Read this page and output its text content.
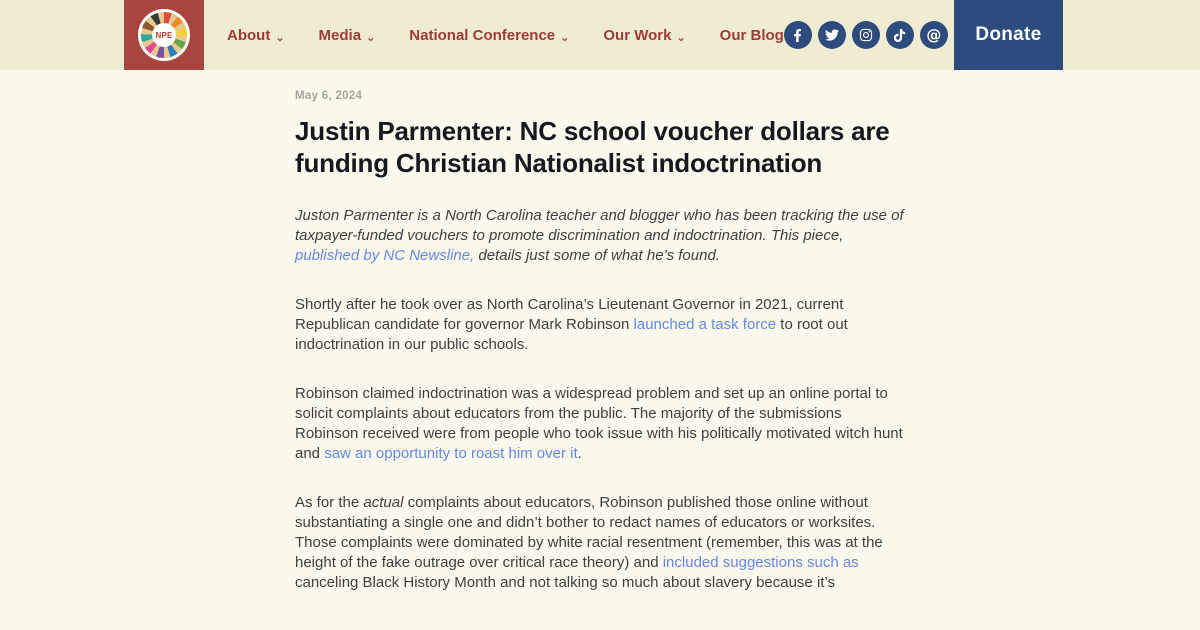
NPE	About ⌄ Media ⌄ National Conference ⌄ Our Work ⌄ Our Blog	@	Donate
May 6, 2024
Justin Parmenter: NC school voucher dollars are funding Christian Nationalist indoctrination

Juston Parmenter is a North Carolina teacher and blogger who has been tracking the use of taxpayer-funded vouchers to promote discrimination and indoctrination. This piece, published by NC Newsline, details just some of what he’s found.

Shortly after he took over as North Carolina’s Lieutenant Governor in 2021, current Republican candidate for governor Mark Robinson launched a task force to root out indoctrination in our public schools.

Robinson claimed indoctrination was a widespread problem and set up an online portal to solicit complaints about educators from the public. The majority of the submissions Robinson received were from people who took issue with his politically motivated witch hunt and saw an opportunity to roast him over it.

As for the actual complaints about educators, Robinson published those online without substantiating a single one and didn’t bother to redact names of educators or worksites. Those complaints were dominated by white racial resentment (remember, this was at the height of the fake outrage over critical race theory) and included suggestions such as canceling Black History Month and not talking so much about slavery because it’s
